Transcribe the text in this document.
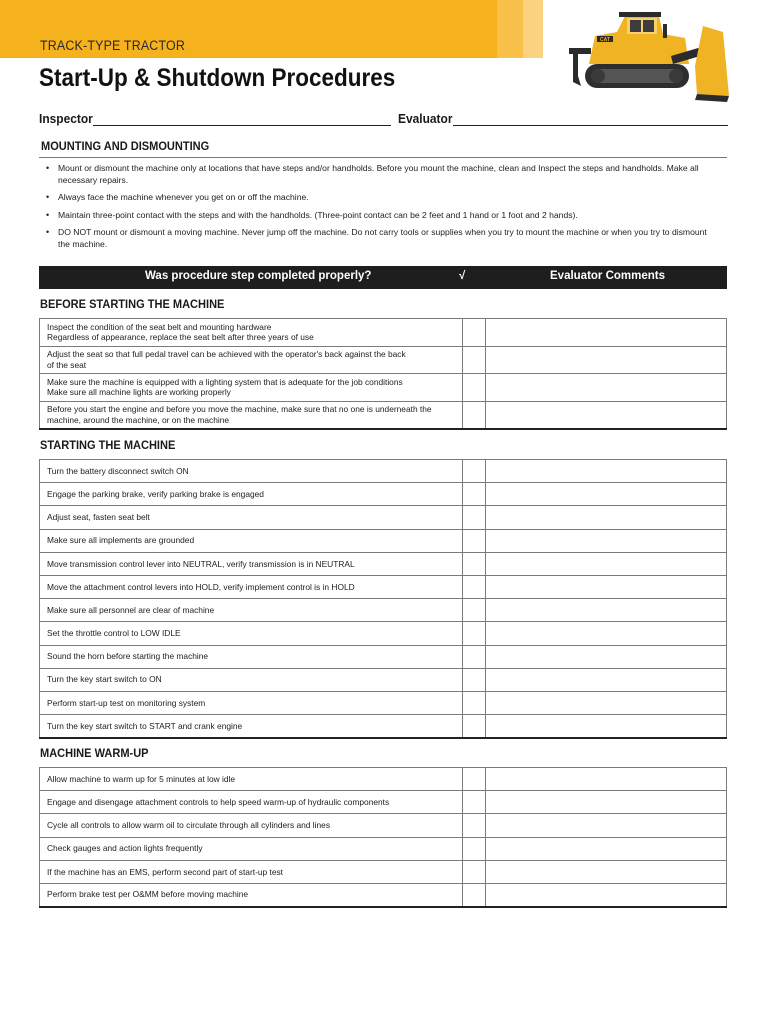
TRACK-TYPE TRACTOR
Start-Up & Shutdown Procedures
CAT
Inspector	Evaluator
MOUNTING AND DISMOUNTING
• Mount or dismount the machine only at locations that have steps and/or handholds. Before you mount the machine, clean and Inspect the steps and handholds. Make all necessary repairs.
• Always face the machine whenever you get on or off the machine.
• Maintain three-point contact with the steps and with the handholds. (Three-point contact can be 2 feet and 1 hand or 1 foot and 2 hands).
• DO NOT mount or dismount a moving machine. Never jump off the machine. Do not carry tools or supplies when you try to mount the machine or when you try to dismount the machine.
Was procedure step completed properly?	√	Evaluator Comments
BEFORE STARTING THE MACHINE
Inspect the condition of the seat belt and mounting hardware
Regardless of appearance, replace the seat belt after three years of use		

Adjust the seat so that full pedal travel can be achieved with the operator's back against the back
of the seat		

Make sure the machine is equipped with a lighting system that is adequate for the job conditions
Make sure all machine lights are working properly		

Before you start the engine and before you move the machine, make sure that no one is underneath the
machine, around the machine, or on the machine		

STARTING THE MACHINE
Turn the battery disconnect switch ON		

Engage the parking brake, verify parking brake is engaged		

Adjust seat, fasten seat belt		

Make sure all implements are grounded		

Move transmission control lever into NEUTRAL, verify transmission is in NEUTRAL		

Move the attachment control levers into HOLD, verify implement control is in HOLD		

Make sure all personnel are clear of machine		

Set the throttle control to LOW IDLE		

Sound the horn before starting the machine		

Turn the key start switch to ON		

Perform start-up test on monitoring system		

Turn the key start switch to START and crank engine		

MACHINE WARM-UP
Allow machine to warm up for 5 minutes at low idle		

Engage and disengage attachment controls to help speed warm-up of hydraulic components		

Cycle all controls to allow warm oil to circulate through all cylinders and lines		

Check gauges and action lights frequently		

If the machine has an EMS, perform second part of start-up test		

Perform brake test per O&MM before moving machine		
